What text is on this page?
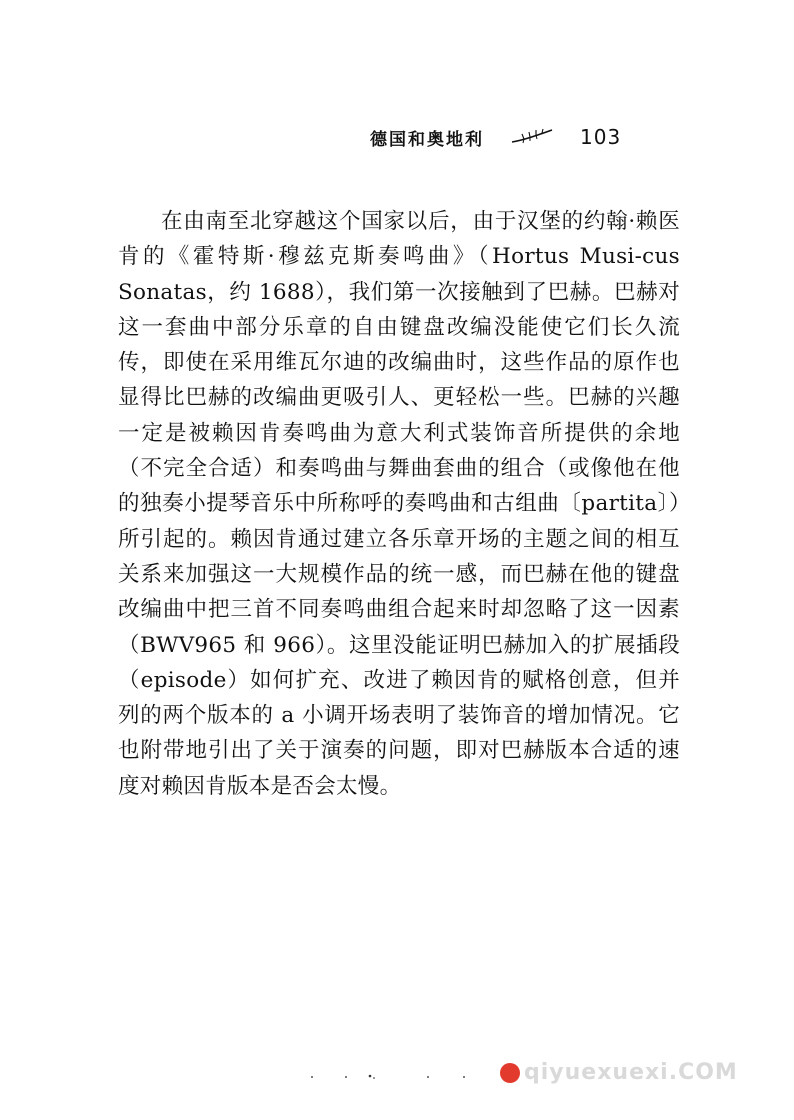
德国和奥地利	103

在由南至北穿越这个国家以后，由于汉堡的约翰·赖医肯的《霍特斯·穆兹克斯奏鸣曲》（Hortus Musi-cus Sonatas，约 1688），我们第一次接触到了巴赫。巴赫对这一套曲中部分乐章的自由键盘改编没能使它们长久流传，即使在采用维瓦尔迪的改编曲时，这些作品的原作也显得比巴赫的改编曲更吸引人、更轻松一些。巴赫的兴趣一定是被赖因肯奏鸣曲为意大利式装饰音所提供的余地（不完全合适）和奏鸣曲与舞曲套曲的组合（或像他在他的独奏小提琴音乐中所称呼的奏鸣曲和古组曲〔partita〕）所引起的。赖因肯通过建立各乐章开场的主题之间的相互关系来加强这一大规模作品的统一感，而巴赫在他的键盘改编曲中把三首不同奏鸣曲组合起来时却忽略了这一因素（BWV965 和 966）。这里没能证明巴赫加入的扩展插段（episode）如何扩充、改进了赖因肯的赋格创意，但并列的两个版本的 a 小调开场表明了装饰音的增加情况。它也附带地引出了关于演奏的问题，即对巴赫版本合适的速度对赖因肯版本是否会太慢。

qiyuexuexi.COM
